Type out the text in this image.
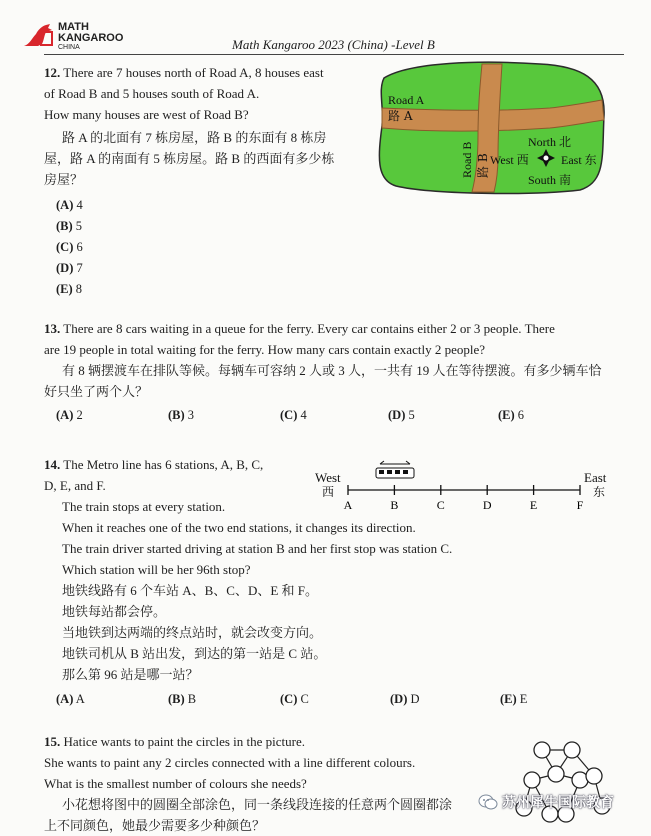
MATH
KANGAROO
CHINA	Math Kangaroo 2023 (China) -Level B
12. There are 7 houses north of Road A, 8 houses east
of Road B and 5 houses south of Road A.
How many houses are west of Road B?
路 A 的北面有 7 栋房屋，路 B 的东面有 8 栋房
屋，路 A 的南面有 5 栋房屋。路 B 的西面有多少栋
房屋？
(A) 4
(B) 5
(C) 6
(D) 7
(E) 8
Road A
路 A
Road B 路 B
North 北
West 西	East 东
South 南
13. There are 8 cars waiting in a queue for the ferry. Every car contains either 2 or 3 people. There
are 19 people in total waiting for the ferry. How many cars contain exactly 2 people?
有 8 辆摆渡车在排队等候。每辆车可容纳 2 人或 3 人，一共有 19 人在等待摆渡。有多少辆车恰
好只坐了两个人？
(A) 2	(B) 3	(C) 4	(D) 5	(E) 6
14. The Metro line has 6 stations, A, B, C,
D, E, and F.
The train stops at every station.
When it reaches one of the two end stations, it changes its direction.
The train driver started driving at station B and her first stop was station C.
Which station will be her 96th stop?
地铁线路有 6 个车站 A、B、C、D、E 和 F。
地铁每站都会停。
当地铁到达两端的终点站时，就会改变方向。
地铁司机从 B 站出发，到达的第一站是 C 站。
那么第 96 站是哪一站？
West
西
East
东
A	B	C	D	E	F
(A) A	(B) B	(C) C	(D) D	(E) E
15. Hatice wants to paint the circles in the picture.
She wants to paint any 2 circles connected with a line different colours.
What is the smallest number of colours she needs?
小花想将图中的圆圈全部涂色，同一条线段连接的任意两个圆圈都涂
上不同颜色，她最少需要多少种颜色？
苏州犀牛国际教育
